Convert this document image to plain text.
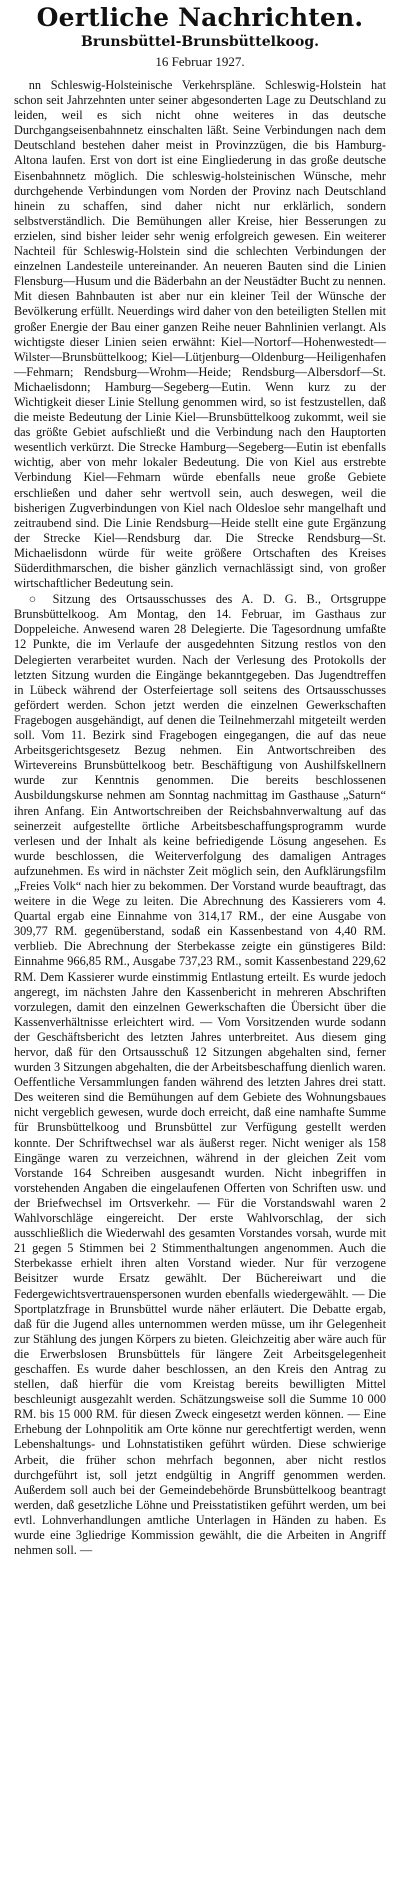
Oertliche Nachrichten.
Brunsbüttel-Brunsbüttelkoog.
16 Februar 1927.

nn Schleswig-Holsteinische Verkehrspläne. Schleswig-Holstein hat schon seit Jahrzehnten unter seiner abgesonderten Lage zu Deutschland zu leiden, weil es sich nicht ohne weiteres in das deutsche Durchgangseisenbahnnetz einschalten läßt. Seine Verbindungen nach dem Deutschland bestehen daher meist in Provinzzügen, die bis Hamburg-Altona laufen. Erst von dort ist eine Eingliederung in das große deutsche Eisenbahnnetz möglich. Die schleswig-holsteinischen Wünsche, mehr durchgehende Verbindungen vom Norden der Provinz nach Deutschland hinein zu schaffen, sind daher nicht nur erklärlich, sondern selbstverständlich. Die Bemühungen aller Kreise, hier Besserungen zu erzielen, sind bisher leider sehr wenig erfolgreich gewesen. Ein weiterer Nachteil für Schleswig-Holstein sind die schlechten Verbindungen der einzelnen Landesteile untereinander. An neueren Bauten sind die Linien Flensburg—Husum und die Bäderbahn an der Neustädter Bucht zu nennen. Mit diesen Bahnbauten ist aber nur ein kleiner Teil der Wünsche der Bevölkerung erfüllt. Neuerdings wird daher von den beteiligten Stellen mit großer Energie der Bau einer ganzen Reihe neuer Bahnlinien verlangt. Als wichtigste dieser Linien seien erwähnt: Kiel—Nortorf—Hohenwestedt—Wilster—Brunsbüttelkoog; Kiel—Lütjenburg—Oldenburg—Heiligenhafen—Fehmarn; Rendsburg—Wrohm—Heide; Rendsburg—Albersdorf—St. Michaelisdonn; Hamburg—Segeberg—Eutin. Wenn kurz zu der Wichtigkeit dieser Linie Stellung genommen wird, so ist festzustellen, daß die meiste Bedeutung der Linie Kiel—Brunsbüttelkoog zukommt, weil sie das größte Gebiet aufschließt und die Verbindung nach den Hauptorten wesentlich verkürzt. Die Strecke Hamburg—Segeberg—Eutin ist ebenfalls wichtig, aber von mehr lokaler Bedeutung. Die von Kiel aus erstrebte Verbindung Kiel—Fehmarn würde ebenfalls neue große Gebiete erschließen und daher sehr wertvoll sein, auch deswegen, weil die bisherigen Zugverbindungen von Kiel nach Oldesloe sehr mangelhaft und zeitraubend sind. Die Linie Rendsburg—Heide stellt eine gute Ergänzung der Strecke Kiel—Rendsburg dar. Die Strecke Rendsburg—St. Michaelisdonn würde für weite größere Ortschaften des Kreises Süderdithmarschen, die bisher gänzlich vernachlässigt sind, von großer wirtschaftlicher Bedeutung sein.

○ Sitzung des Ortsausschusses des A. D. G. B., Ortsgruppe Brunsbüttelkoog. Am Montag, den 14. Februar, im Gasthaus zur Doppeleiche. Anwesend waren 28 Delegierte. Die Tagesordnung umfaßte 12 Punkte, die im Verlaufe der ausgedehnten Sitzung restlos von den Delegierten verarbeitet wurden. Nach der Verlesung des Protokolls der letzten Sitzung wurden die Eingänge bekanntgegeben. Das Jugendtreffen in Lübeck während der Osterfeiertage soll seitens des Ortsausschusses gefördert werden. Schon jetzt werden die einzelnen Gewerkschaften Fragebogen ausgehändigt, auf denen die Teilnehmerzahl mitgeteilt werden soll. Vom 11. Bezirk sind Fragebogen eingegangen, die auf das neue Arbeitsgerichtsgesetz Bezug nehmen. Ein Antwortschreiben des Wirtevereins Brunsbüttelkoog betr. Beschäftigung von Aushilfskellnern wurde zur Kenntnis genommen. Die bereits beschlossenen Ausbildungskurse nehmen am Sonntag nachmittag im Gasthause „Saturn“ ihren Anfang. Ein Antwortschreiben der Reichsbahnverwaltung auf das seinerzeit aufgestellte örtliche Arbeitsbeschaffungsprogramm wurde verlesen und der Inhalt als keine befriedigende Lösung angesehen. Es wurde beschlossen, die Weiterverfolgung des damaligen Antrages aufzunehmen. Es wird in nächster Zeit möglich sein, den Aufklärungsfilm „Freies Volk“ nach hier zu bekommen. Der Vorstand wurde beauftragt, das weitere in die Wege zu leiten. Die Abrechnung des Kassierers vom 4. Quartal ergab eine Einnahme von 314,17 RM., der eine Ausgabe von 309,77 RM. gegenüberstand, sodaß ein Kassenbestand von 4,40 RM. verblieb. Die Abrechnung der Sterbekasse zeigte ein günstigeres Bild: Einnahme 966,85 RM., Ausgabe 737,23 RM., somit Kassenbestand 229,62 RM. Dem Kassierer wurde einstimmig Entlastung erteilt. Es wurde jedoch angeregt, im nächsten Jahre den Kassenbericht in mehreren Abschriften vorzulegen, damit den einzelnen Gewerkschaften die Übersicht über die Kassenverhältnisse erleichtert wird. — Vom Vorsitzenden wurde sodann der Geschäftsbericht des letzten Jahres unterbreitet. Aus diesem ging hervor, daß für den Ortsausschuß 12 Sitzungen abgehalten sind, ferner wurden 3 Sitzungen abgehalten, die der Arbeitsbeschaffung dienlich waren. Oeffentliche Versammlungen fanden während des letzten Jahres drei statt. Des weiteren sind die Bemühungen auf dem Gebiete des Wohnungsbaues nicht vergeblich gewesen, wurde doch erreicht, daß eine namhafte Summe für Brunsbüttelkoog und Brunsbüttel zur Verfügung gestellt werden konnte. Der Schriftwechsel war als äußerst reger. Nicht weniger als 158 Eingänge waren zu verzeichnen, während in der gleichen Zeit vom Vorstande 164 Schreiben ausgesandt wurden. Nicht inbegriffen in vorstehenden Angaben die eingelaufenen Offerten von Schriften usw. und der Briefwechsel im Ortsverkehr. — Für die Vorstandswahl waren 2 Wahlvorschläge eingereicht. Der erste Wahlvorschlag, der sich ausschließlich die Wiederwahl des gesamten Vorstandes vorsah, wurde mit 21 gegen 5 Stimmen bei 2 Stimmenthaltungen angenommen. Auch die Sterbekasse erhielt ihren alten Vorstand wieder. Nur für verzogene Beisitzer wurde Ersatz gewählt. Der Büchereiwart und die Federgewichtsvertrauenspersonen wurden ebenfalls wiedergewählt. — Die Sportplatzfrage in Brunsbüttel wurde näher erläutert. Die Debatte ergab, daß für die Jugend alles unternommen werden müsse, um ihr Gelegenheit zur Stählung des jungen Körpers zu bieten. Gleichzeitig aber wäre auch für die Erwerbslosen Brunsbüttels für längere Zeit Arbeitsgelegenheit geschaffen. Es wurde daher beschlossen, an den Kreis den Antrag zu stellen, daß hierfür die vom Kreistag bereits bewilligten Mittel beschleunigt ausgezahlt werden. Schätzungsweise soll die Summe 10 000 RM. bis 15 000 RM. für diesen Zweck eingesetzt werden können. — Eine Erhebung der Lohnpolitik am Orte könne nur gerechtfertigt werden, wenn Lebenshaltungs- und Lohnstatistiken geführt würden. Diese schwierige Arbeit, die früher schon mehrfach begonnen, aber nicht restlos durchgeführt ist, soll jetzt endgültig in Angriff genommen werden. Außerdem soll auch bei der Gemeindebehörde Brunsbüttelkoog beantragt werden, daß gesetzliche Löhne und Preisstatistiken geführt werden, um bei evtl. Lohnverhandlungen amtliche Unterlagen in Händen zu haben. Es wurde eine 3gliedrige Kommission gewählt, die die Arbeiten in Angriff nehmen soll. —
